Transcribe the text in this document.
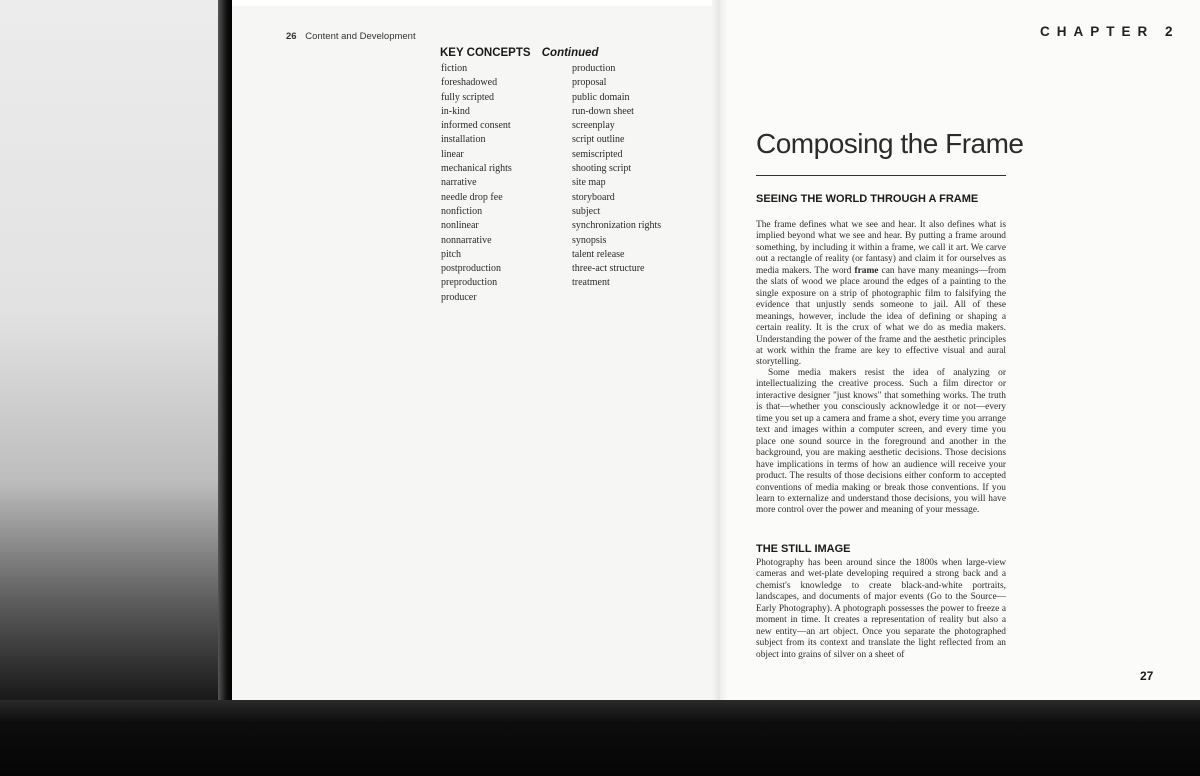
26 Content and Development
KEY CONCEPTS Continued
fiction
foreshadowed
fully scripted
in-kind
informed consent
installation
linear
mechanical rights
narrative
needle drop fee
nonfiction
nonlinear
nonnarrative
pitch
postproduction
preproduction
producer
production
proposal
public domain
run-down sheet
screenplay
script outline
semiscripted
shooting script
site map
storyboard
subject
synchronization rights
synopsis
talent release
three-act structure
treatment
CHAPTER 2
Composing the Frame
SEEING THE WORLD THROUGH A FRAME

The frame defines what we see and hear. It also defines what is implied beyond what we see and hear. By putting a frame around something, by including it within a frame, we call it art. We carve out a rectangle of reality (or fantasy) and claim it for ourselves as media makers. The word frame can have many meanings—from the slats of wood we place around the edges of a painting to the single exposure on a strip of photographic film to falsifying the evidence that unjustly sends someone to jail. All of these meanings, however, include the idea of defining or shaping a certain reality. It is the crux of what we do as media makers. Understanding the power of the frame and the aesthetic principles at work within the frame are key to effective visual and aural storytelling.

Some media makers resist the idea of analyzing or intellectualizing the creative process. Such a film director or interactive designer "just knows" that something works. The truth is that—whether you consciously acknowledge it or not—every time you set up a camera and frame a shot, every time you arrange text and images within a computer screen, and every time you place one sound source in the foreground and another in the background, you are making aesthetic decisions. Those decisions have implications in terms of how an audience will receive your product. The results of those decisions either conform to accepted conventions of media making or break those conventions. If you learn to externalize and understand those decisions, you will have more control over the power and meaning of your message.

THE STILL IMAGE

Photography has been around since the 1800s when large-view cameras and wet-plate developing required a strong back and a chemist's knowledge to create black-and-white portraits, landscapes, and documents of major events (Go to the Source—Early Photography). A photograph possesses the power to freeze a moment in time. It creates a representation of reality but also a new entity—an art object. Once you separate the photographed subject from its context and translate the light reflected from an object into grains of silver on a sheet of

27
